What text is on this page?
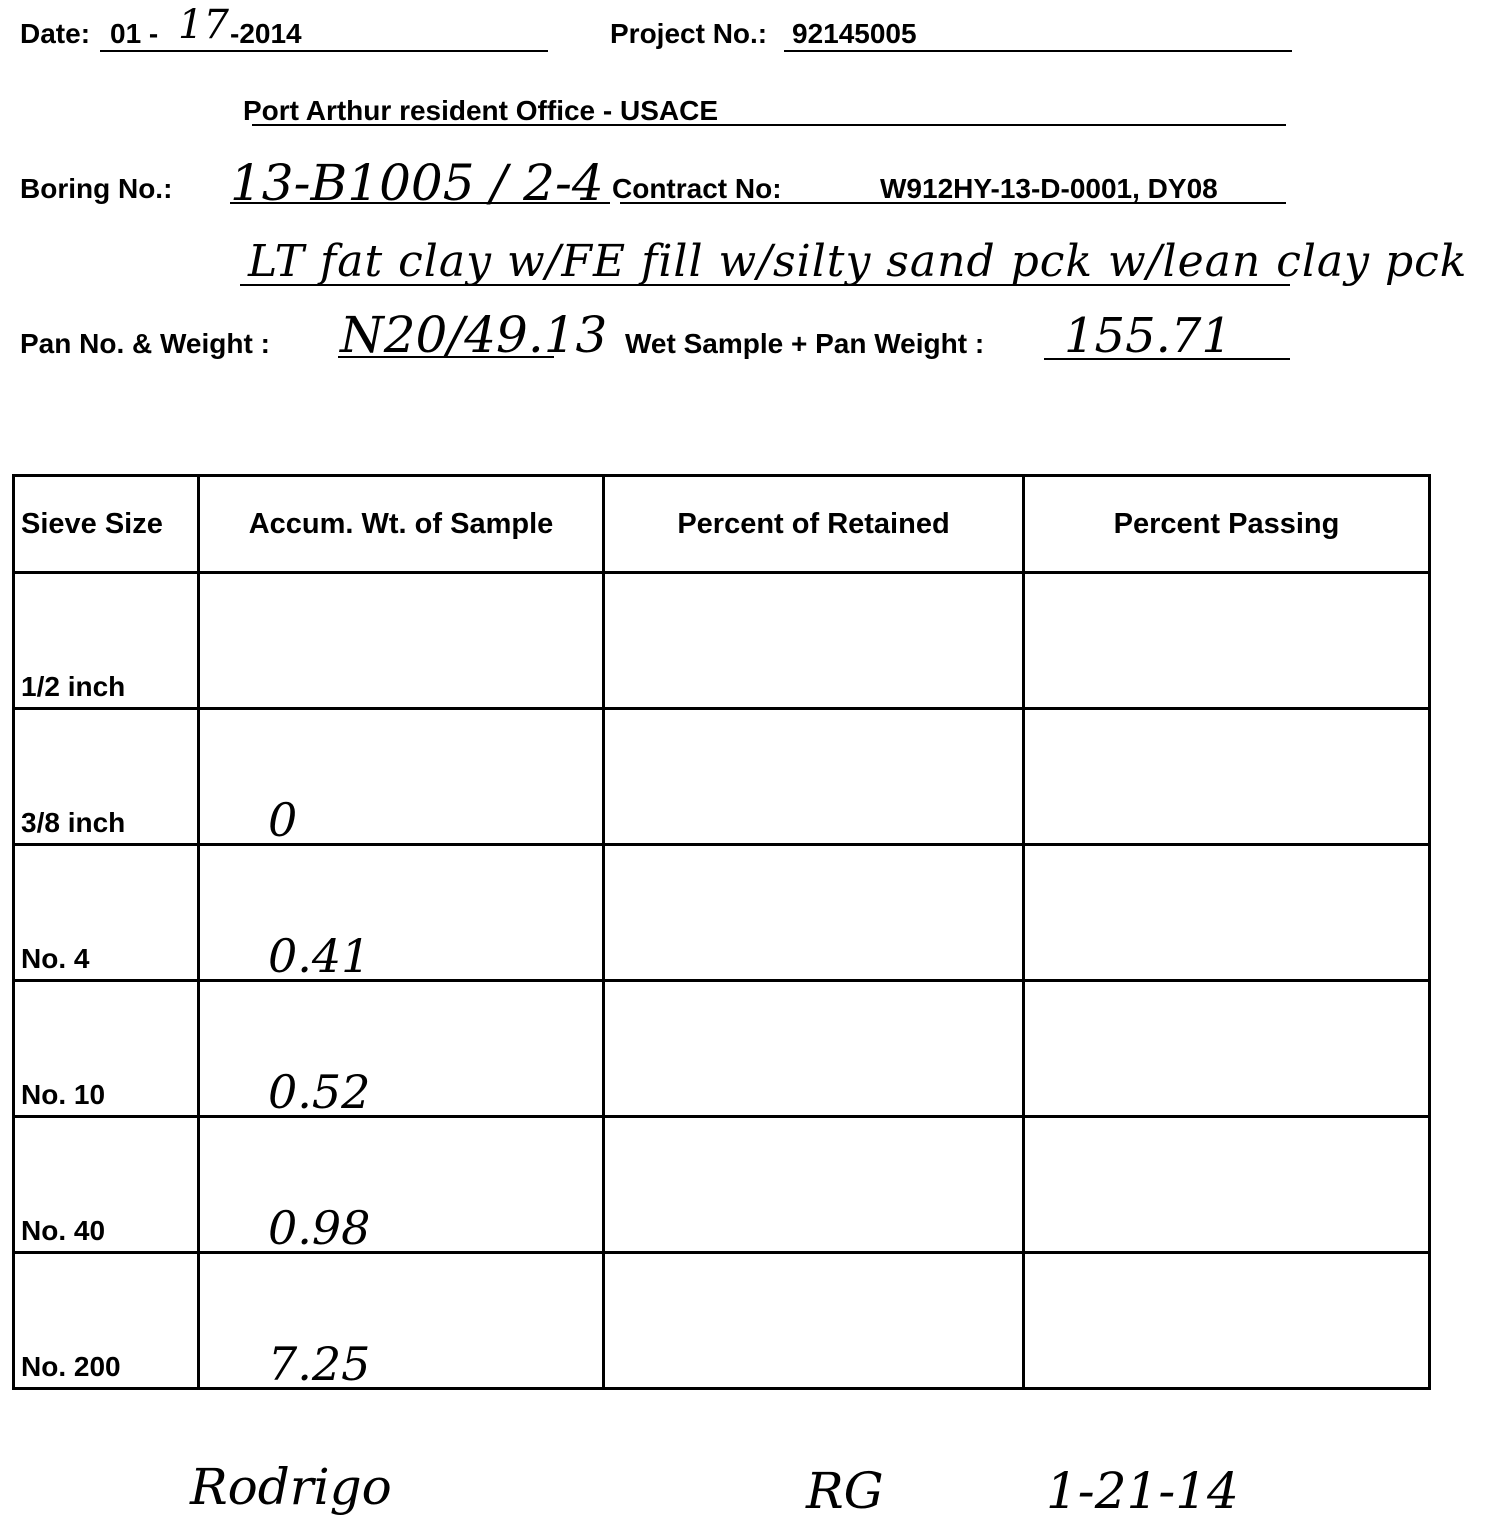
Date: 01 - 17 -2014	Project No.: 92145005
Port Arthur resident Office - USACE
Boring No.: 13-B1005 / 2-4 Contract No:	W912HY-13-D-0001, DY08
LT fat clay w/FE fill w/silty sand pck w/lean clay pck
Pan No. & Weight : N20/49.13 Wet Sample + Pan Weight : 155.71
Sieve Size	Accum. Wt. of Sample	Percent of Retained	Percent Passing
1/2 inch			
3/8 inch	0		
No. 4	0.41		
No. 10	0.52		
No. 40	0.98		
No. 200	7.25		
Rodrigo	RG	1-21-14
